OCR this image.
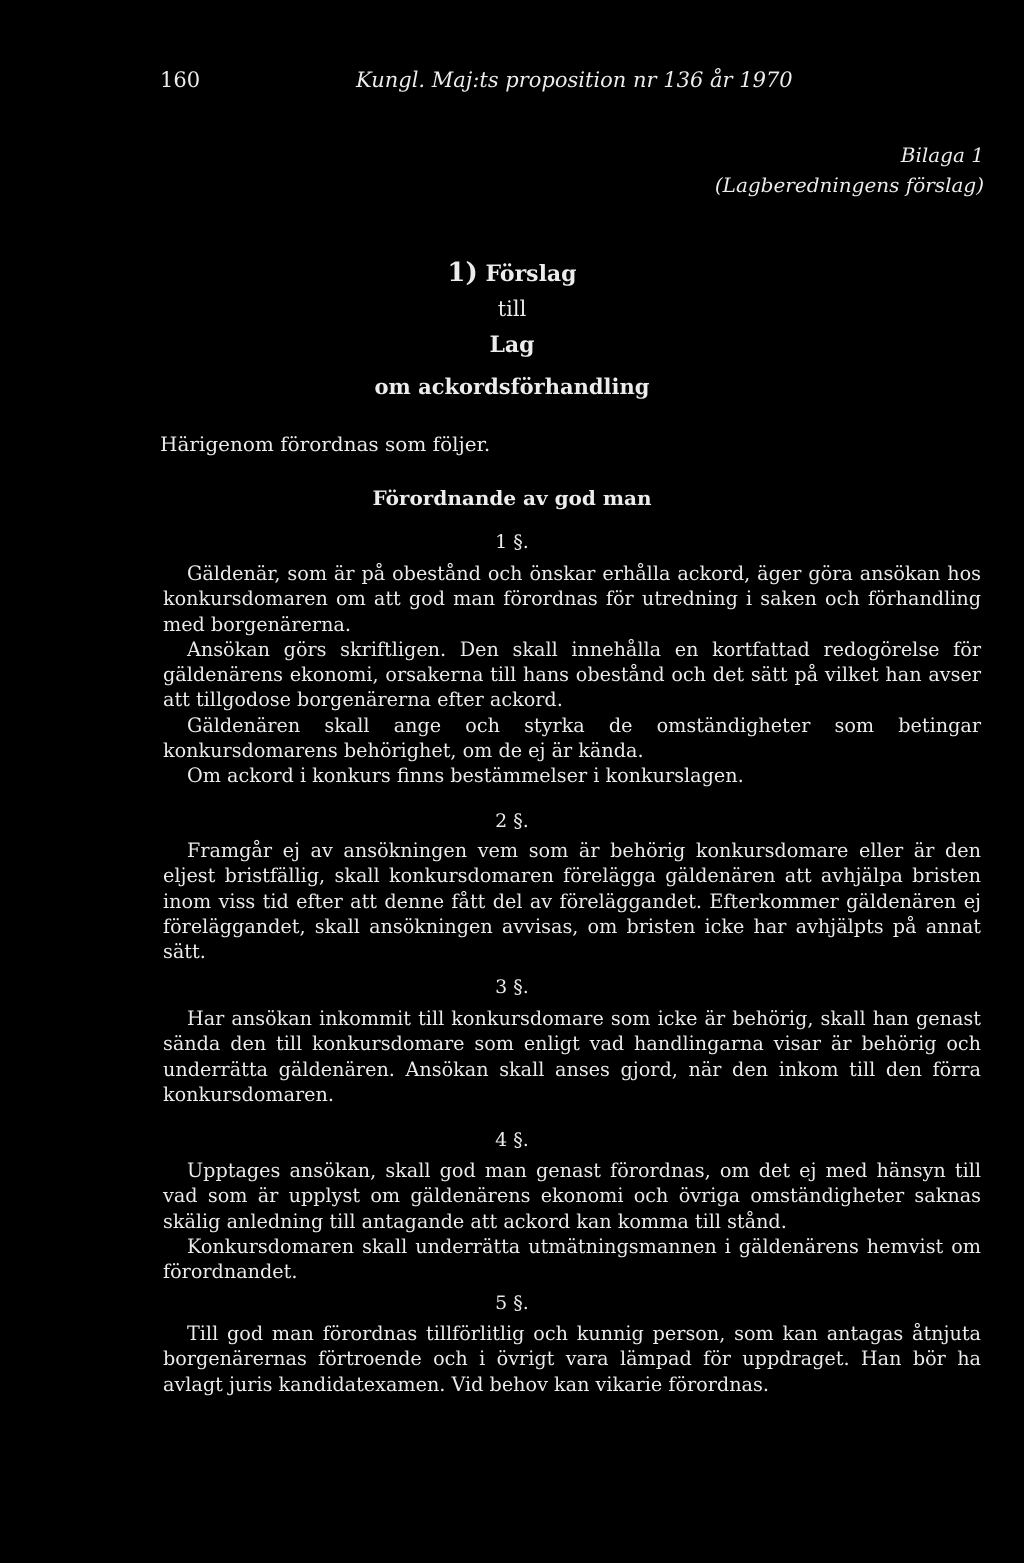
160	Kungl. Maj:ts proposition nr 136 år 1970
Bilaga 1
(Lagberedningens förslag)
1) Förslag
till
Lag
om ackordsförhandling
Härigenom förordnas som följer.
Förordnande av god man
1 §.

Gäldenär, som är på obestånd och önskar erhålla ackord, äger göra ansökan hos konkursdomaren om att god man förordnas för utredning i saken och förhandling med borgenärerna.

Ansökan görs skriftligen. Den skall innehålla en kortfattad redogörelse för gäldenärens ekonomi, orsakerna till hans obestånd och det sätt på vilket han avser att tillgodose borgenärerna efter ackord.

Gäldenären skall ange och styrka de omständigheter som betingar konkursdomarens behörighet, om de ej är kända.

Om ackord i konkurs finns bestämmelser i konkurslagen.

2 §.

Framgår ej av ansökningen vem som är behörig konkursdomare eller är den eljest bristfällig, skall konkursdomaren förelägga gäldenären att avhjälpa bristen inom viss tid efter att denne fått del av föreläggandet. Efterkommer gäldenären ej föreläggandet, skall ansökningen avvisas, om bristen icke har avhjälpts på annat sätt.

3 §.

Har ansökan inkommit till konkursdomare som icke är behörig, skall han genast sända den till konkursdomare som enligt vad handlingarna visar är behörig och underrätta gäldenären. Ansökan skall anses gjord, när den inkom till den förra konkursdomaren.

4 §.

Upptages ansökan, skall god man genast förordnas, om det ej med hänsyn till vad som är upplyst om gäldenärens ekonomi och övriga omständigheter saknas skälig anledning till antagande att ackord kan komma till stånd.

Konkursdomaren skall underrätta utmätningsmannen i gäldenärens hemvist om förordnandet.

5 §.

Till god man förordnas tillförlitlig och kunnig person, som kan antagas åtnjuta borgenärernas förtroende och i övrigt vara lämpad för uppdraget. Han bör ha avlagt juris kandidatexamen. Vid behov kan vikarie förordnas.
